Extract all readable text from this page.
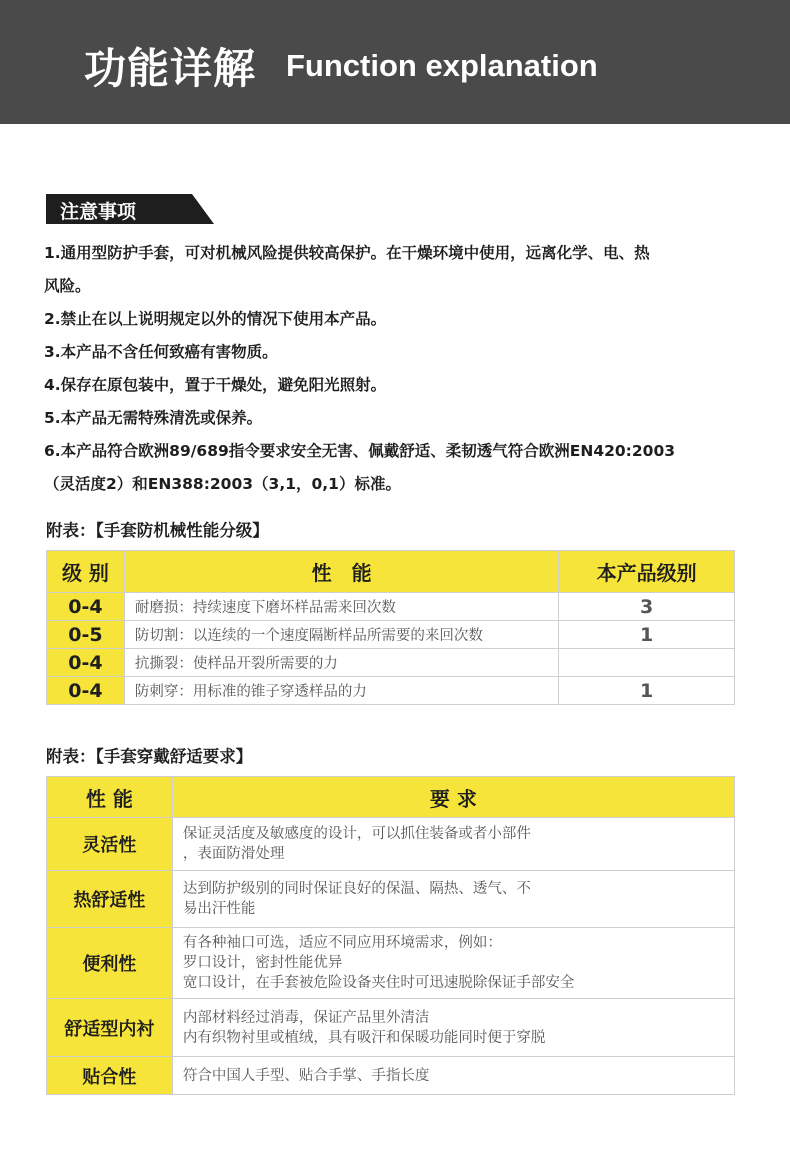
功能详解 Function explanation
注意事项

1.通用型防护手套，可对机械风险提供较高保护。在干燥环境中使用，远离化学、电、热

风险。

2.禁止在以上说明规定以外的情况下使用本产品。

3.本产品不含任何致癌有害物质。

4.保存在原包装中，置于干燥处，避免阳光照射。

5.本产品无需特殊清洗或保养。

6.本产品符合欧洲89/689指令要求安全无害、佩戴舒适、柔韧透气符合欧洲EN420:2003

（灵活度2）和EN388:2003（3,1，0,1）标准。

附表：【手套防机械性能分级】
级 别	性　能	本产品级别
0-4	耐磨损：持续速度下磨坏样品需来回次数	3
0-5	防切割：以连续的一个速度隔断样品所需要的来回次数	1
0-4	抗撕裂：使样品开裂所需要的力	
0-4	防刺穿：用标准的锥子穿透样品的力	1
附表：【手套穿戴舒适要求】
性 能	要 求
灵活性	保证灵活度及敏感度的设计，可以抓住装备或者小部件
，表面防滑处理

热舒适性	达到防护级别的同时保证良好的保温、隔热、透气、不
易出汗性能

便利性	有各种袖口可选，适应不同应用环境需求，例如：
罗口设计，密封性能优异
宽口设计，在手套被危险设备夹住时可迅速脱除保证手部安全

舒适型内衬	内部材料经过消毒，保证产品里外清洁
内有织物衬里或植绒，具有吸汗和保暖功能同时便于穿脱

贴合性	符合中国人手型、贴合手掌、手指长度
